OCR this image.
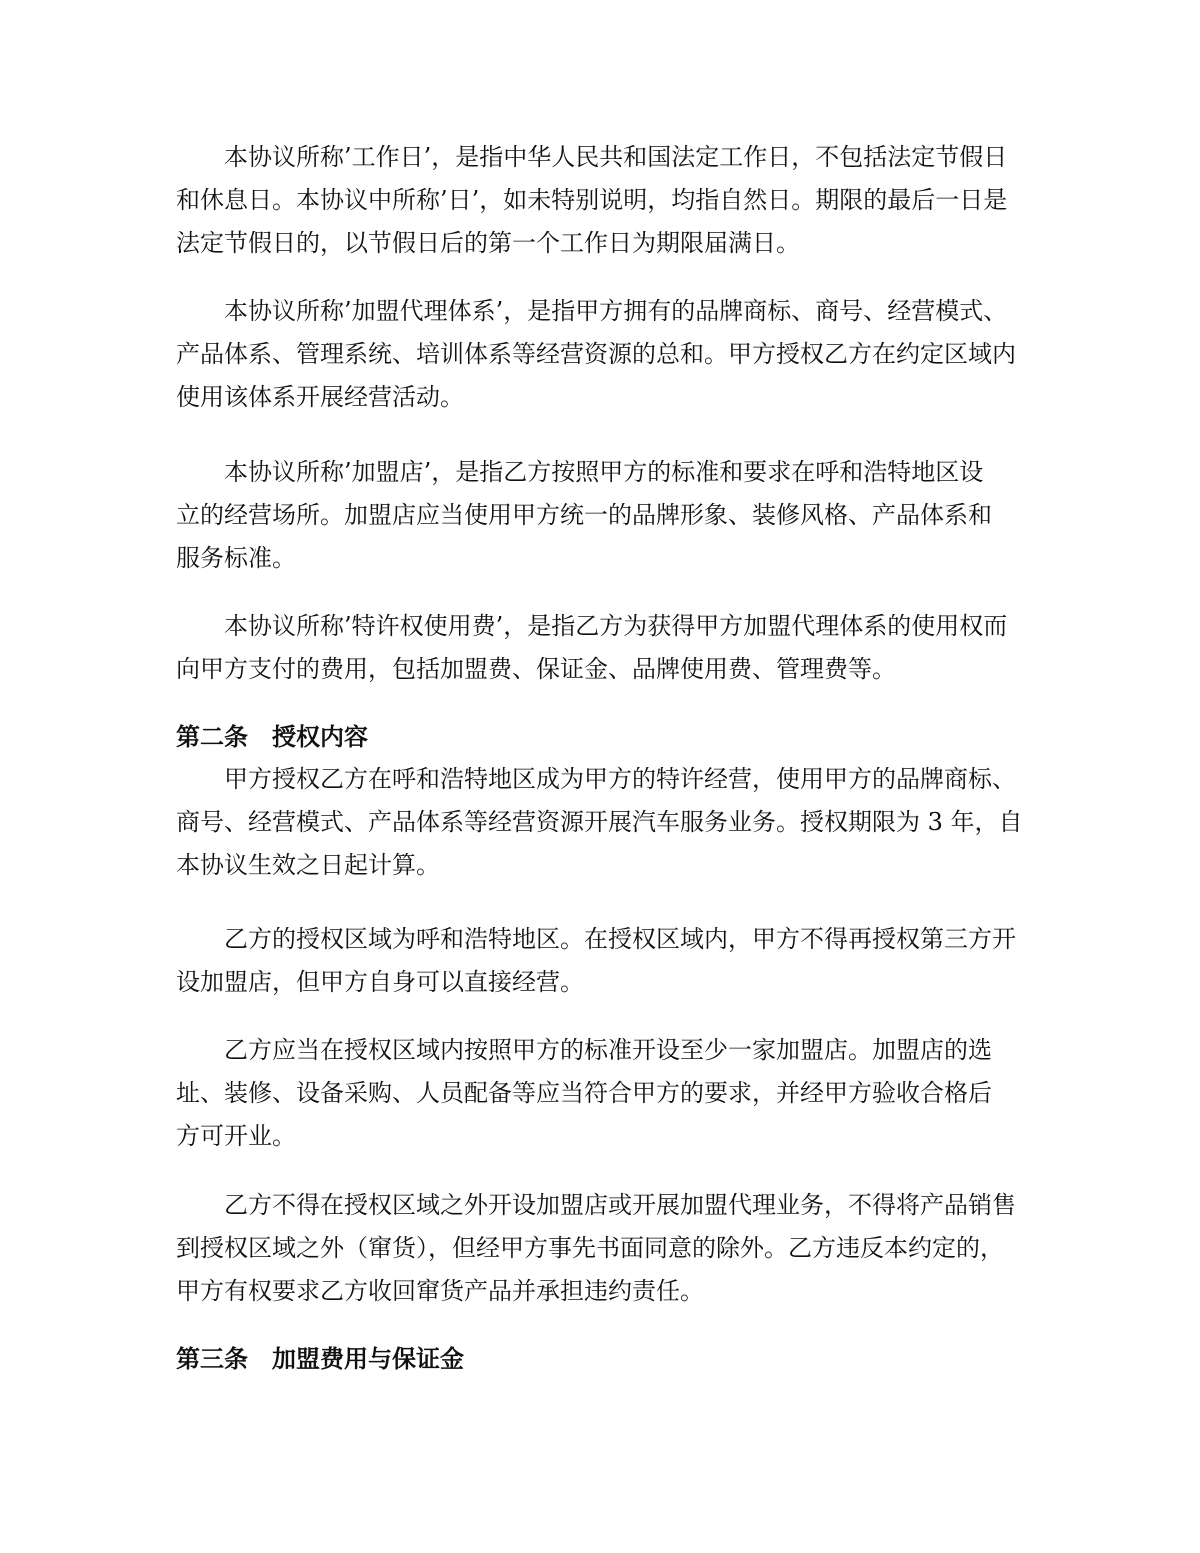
本协议所称’工作日’，是指中华人民共和国法定工作日，不包括法定节假日和休息日。本协议中所称’日’，如未特别说明，均指自然日。期限的最后一日是法定节假日的，以节假日后的第一个工作日为期限届满日。

本协议所称’加盟代理体系’，是指甲方拥有的品牌商标、商号、经营模式、产品体系、管理系统、培训体系等经营资源的总和。甲方授权乙方在约定区域内使用该体系开展经营活动。

本协议所称’加盟店’，是指乙方按照甲方的标准和要求在呼和浩特地区设立的经营场所。加盟店应当使用甲方统一的品牌形象、装修风格、产品体系和服务标准。

本协议所称’特许权使用费’，是指乙方为获得甲方加盟代理体系的使用权而向甲方支付的费用，包括加盟费、保证金、品牌使用费、管理费等。

第二条 授权内容

甲方授权乙方在呼和浩特地区成为甲方的特许经营，使用甲方的品牌商标、商号、经营模式、产品体系等经营资源开展汽车服务业务。授权期限为 3 年，自本协议生效之日起计算。

乙方的授权区域为呼和浩特地区。在授权区域内，甲方不得再授权第三方开设加盟店，但甲方自身可以直接经营。

乙方应当在授权区域内按照甲方的标准开设至少一家加盟店。加盟店的选址、装修、设备采购、人员配备等应当符合甲方的要求，并经甲方验收合格后方可开业。

乙方不得在授权区域之外开设加盟店或开展加盟代理业务，不得将产品销售到授权区域之外（窜货），但经甲方事先书面同意的除外。乙方违反本约定的，甲方有权要求乙方收回窜货产品并承担违约责任。

第三条 加盟费用与保证金
